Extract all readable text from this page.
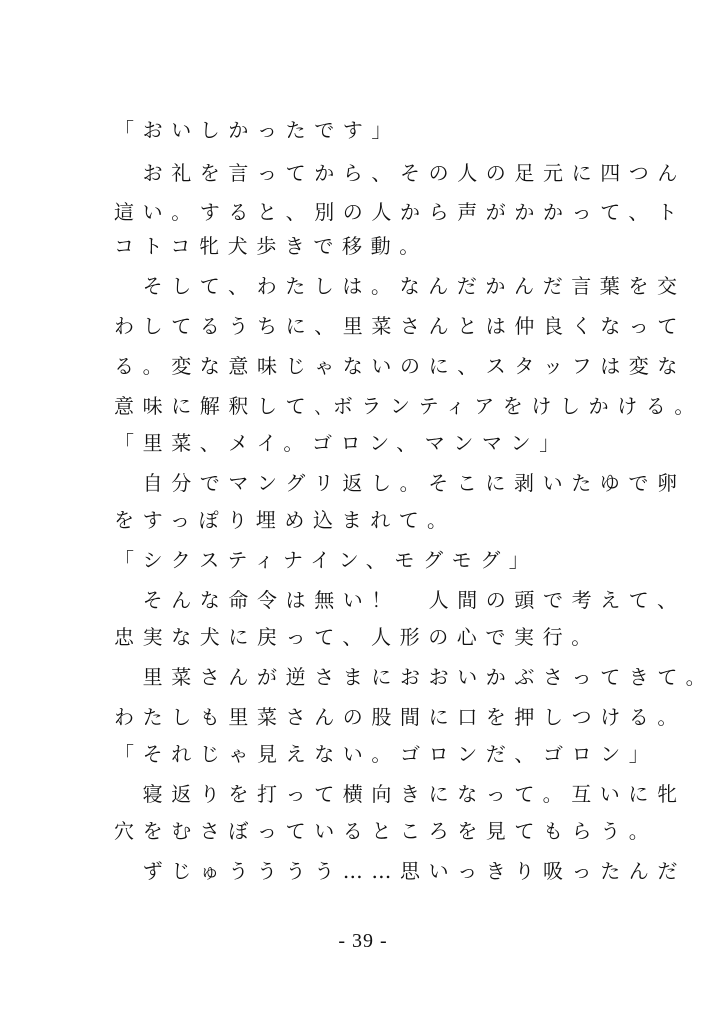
「おいしかったです」
　お礼を言ってから、その人の足元に四つん
這い。すると、別の人から声がかかって、ト
コトコ牝犬歩きで移動。
　そして、わたしは。なんだかんだ言葉を交
わしてるうちに、里菜さんとは仲良くなって
る。変な意味じゃないのに、スタッフは変な
意味に解釈して､ボランティアをけしかける。
「里菜、メイ。ゴロン、マンマン」
　自分でマングリ返し。そこに剥いたゆで卵
をすっぽり埋め込まれて。
「シクスティナイン、モグモグ」
　そんな命令は無い！　人間の頭で考えて、
忠実な犬に戻って、人形の心で実行。
　里菜さんが逆さまにおおいかぶさってきて。
わたしも里菜さんの股間に口を押しつける。
「それじゃ見えない。ゴロンだ、ゴロン」
　寝返りを打って横向きになって。互いに牝
穴をむさぼっているところを見てもらう。
　ずじゅうううう……思いっきり吸ったんだ
- 39 -
